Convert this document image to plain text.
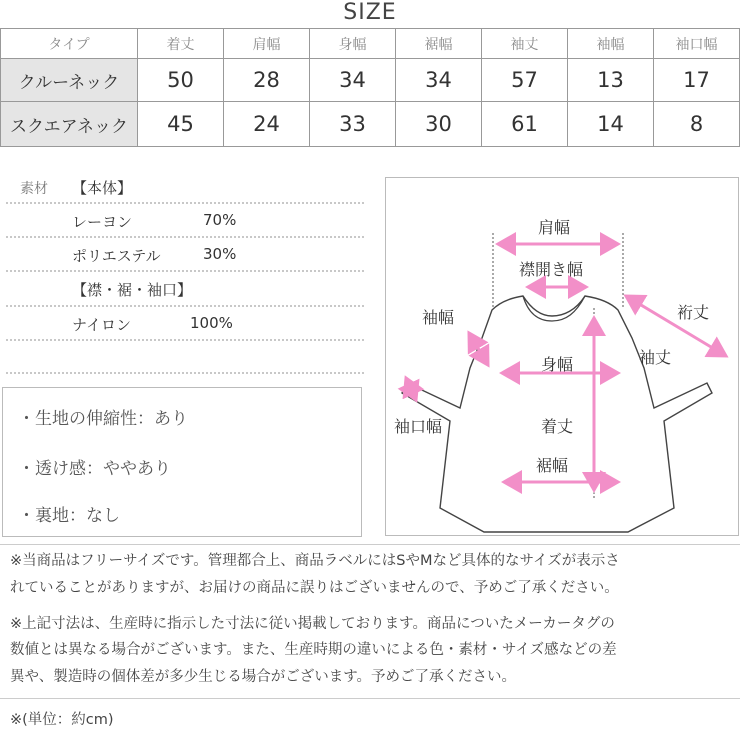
SIZE
タイプ	着丈	肩幅	身幅	裾幅	袖丈	袖幅	袖口幅
クルーネック	50	28	34	34	57	13	17
スクエアネック	45	24	33	30	61	14	8
素材 【本体】
レーヨン	70%
ポリエステル	30%
【襟・裾・袖口】
ナイロン	100%
・生地の伸縮性：あり
・透け感：ややあり
・裏地：なし
肩幅
襟開き幅
裄丈
袖丈
袖幅
身幅
着丈
裾幅
袖口幅
※当商品はフリーサイズです。管理都合上、商品ラベルにはSやMなど具体的なサイズが表示さ
れていることがありますが、お届けの商品に誤りはございませんので、予めご了承ください。
※上記寸法は、生産時に指示した寸法に従い掲載しております。商品についたメーカータグの
数値とは異なる場合がございます。また、生産時期の違いによる色・素材・サイズ感などの差
異や、製造時の個体差が多少生じる場合がございます。予めご了承ください。
※(単位：約cm)
